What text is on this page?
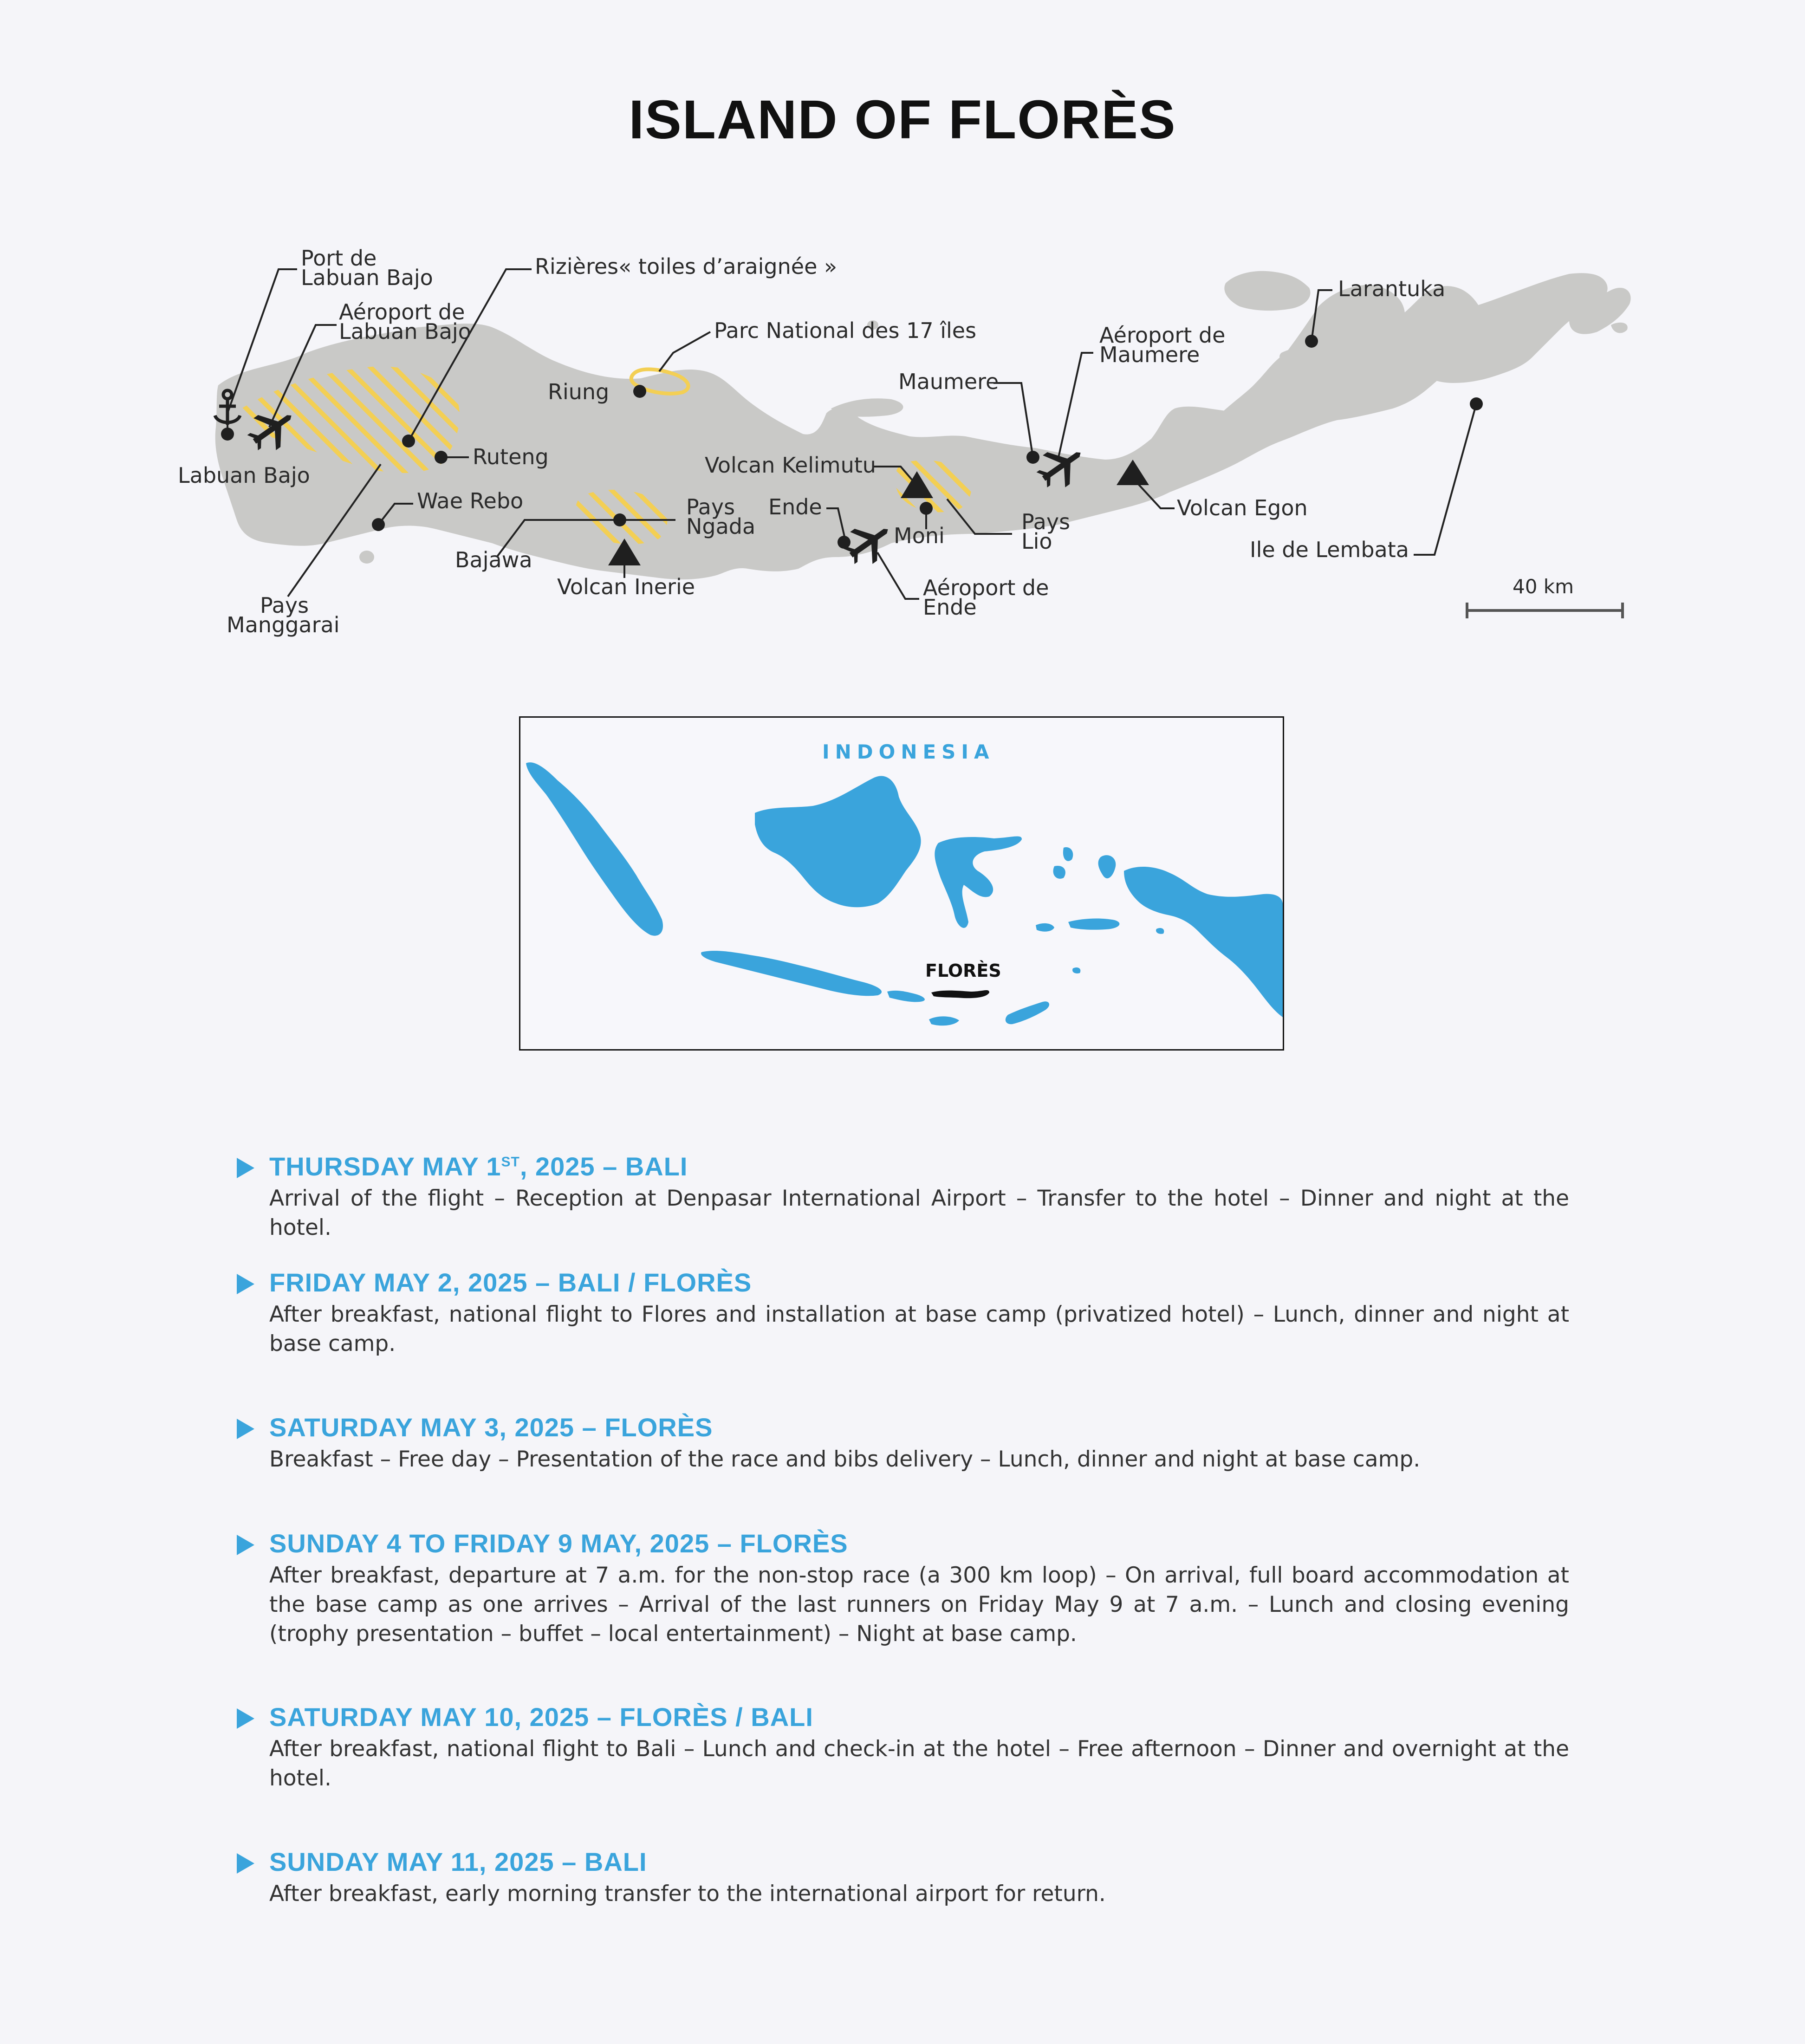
ISLAND OF FLORÈS
Port de Labuan Bajo
Aéroport de Labuan Bajo
Labuan Bajo
Rizières« toiles d’araignée »
Ruteng
Wae Rebo
Pays Manggarai
Riung
Parc National des 17 îles
Bajawa
Pays Ngada
Volcan Inerie
Volcan Kelimutu
Ende
Moni
Pays Lio
Aéroport de Ende
Maumere
Aéroport de Maumere
Volcan Egon
Larantuka
Ile de Lembata
40 km
INDONESIA
FLORÈS
THURSDAY MAY 1ST, 2025 – BALI
Arrival of the flight – Reception at Denpasar International Airport – Transfer to the hotel – Dinner and night at the hotel.
FRIDAY MAY 2, 2025 – BALI / FLORÈS
After breakfast, national flight to Flores and installation at base camp (privatized hotel) – Lunch, dinner and night at base camp.
SATURDAY MAY 3, 2025 – FLORÈS
Breakfast – Free day – Presentation of the race and bibs delivery – Lunch, dinner and night at base camp.
SUNDAY 4 TO FRIDAY 9 MAY, 2025 – FLORÈS
After breakfast, departure at 7 a.m. for the non-stop race (a 300 km loop) – On arrival, full board accommodation at the base camp as one arrives – Arrival of the last runners on Friday May 9 at 7 a.m. – Lunch and closing evening (trophy presentation – buffet – local entertainment) – Night at base camp.
SATURDAY MAY 10, 2025 – FLORÈS / BALI
After breakfast, national flight to Bali – Lunch and check-in at the hotel – Free afternoon – Dinner and overnight at the hotel.
SUNDAY MAY 11, 2025 – BALI
After breakfast, early morning transfer to the international airport for return.
